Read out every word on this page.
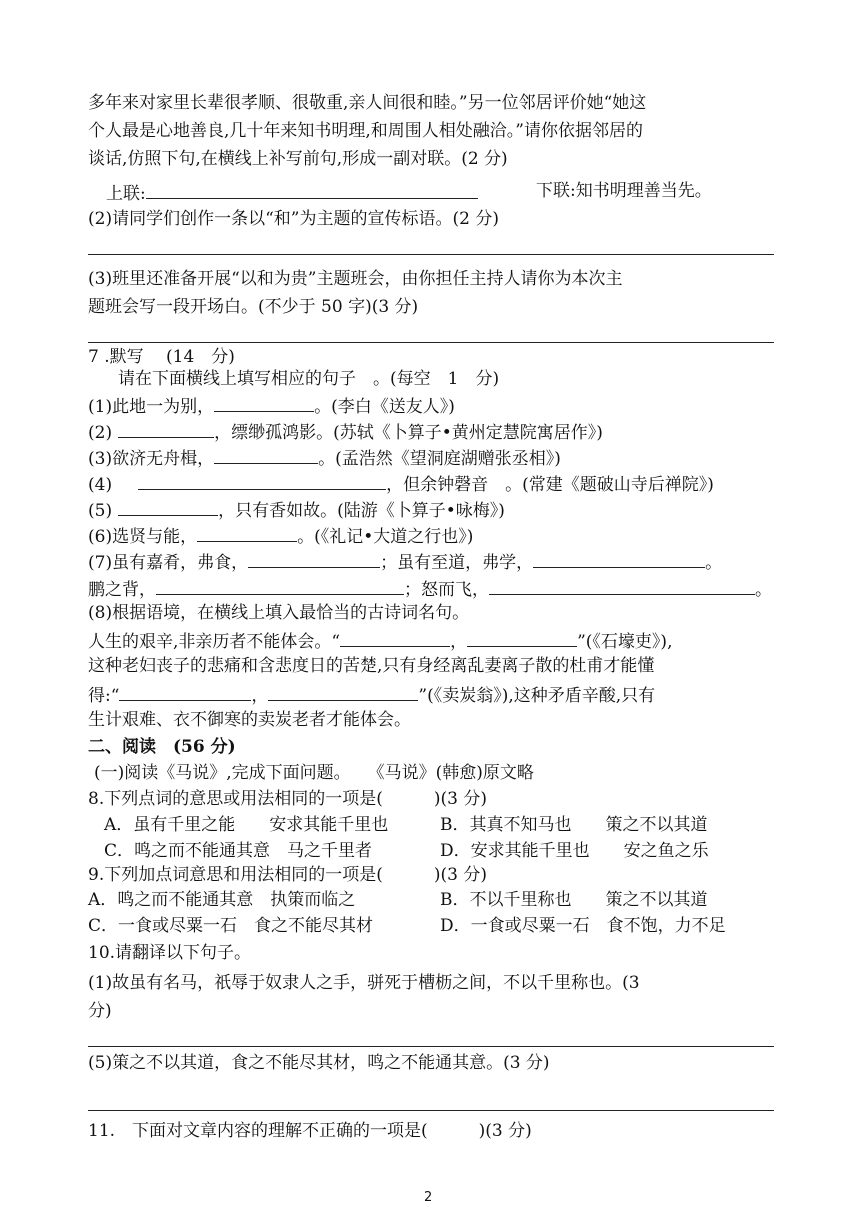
多年来对家里长辈很孝顺、很敬重,亲人间很和睦。”另一位邻居评价她“她这
个人最是心地善良,几十年来知书明理,和周围人相处融洽。”请你依据邻居的
谈话,仿照下句,在横线上补写前句,形成一副对联。(2 分)
上联:	下联:知书明理善当先。
(2)请同学们创作一条以“和”为主题的宣传标语。(2 分)
(3)班里还准备开展“以和为贵”主题班会，由你担任主持人请你为本次主
题班会写一段开场白。(不少于 50 字)(3 分)
7 .默写　 (14　分)
请在下面横线上填写相应的句子　。(每空　1　分)
(1)此地一为别，	。(李白《送友人》)
(2)	，缥缈孤鸿影。(苏轼《卜算子•黄州定慧院寓居作》)
(3)欲济无舟楫，	。(孟浩然《望洞庭湖赠张丞相》)
(4)	，但余钟磬音　。(常建《题破山寺后禅院》)
(5)	，只有香如故。(陆游《卜算子•咏梅》)
(6)选贤与能，	。(《礼记•大道之行也》)
(7)虽有嘉肴，弗食，	；虽有至道，弗学，	。
鹏之背，	；怒而飞，	。
(8)根据语境，在横线上填入最恰当的古诗词名句。
人生的艰辛,非亲历者不能体会。“	，	”(《石壕吏》),
这种老妇丧子的悲痛和含悲度日的苦楚,只有身经离乱妻离子散的杜甫才能懂
得:“	，	”(《卖炭翁》),这种矛盾辛酸,只有
生计艰难、衣不御寒的卖炭老者才能体会。
二、阅读　(56 分)
(一)阅读《马说》,完成下面问题。　　《马说》(韩愈)原文略
8.下列点词的意思或用法相同的一项是(　　　)(3 分)
A．虽有千里之能　　安求其能千里也	B．其真不知马也　　策之不以其道
C．鸣之而不能通其意　马之千里者	D．安求其能千里也　　安之鱼之乐
9.下列加点词意思和用法相同的一项是(　　　)(3 分)
A．鸣之而不能通其意　执策而临之	B．不以千里称也　　策之不以其道
C．一食或尽粟一石　食之不能尽其材	D．一食或尽粟一石　食不饱，力不足
10.请翻译以下句子。
(1)故虽有名马，祇辱于奴隶人之手，骈死于槽枥之间，不以千里称也。(3
分)
(5)策之不以其道，食之不能尽其材，鸣之不能通其意。(3 分)
11.　下面对文章内容的理解不正确的一项是(　　　)(3 分)
2
